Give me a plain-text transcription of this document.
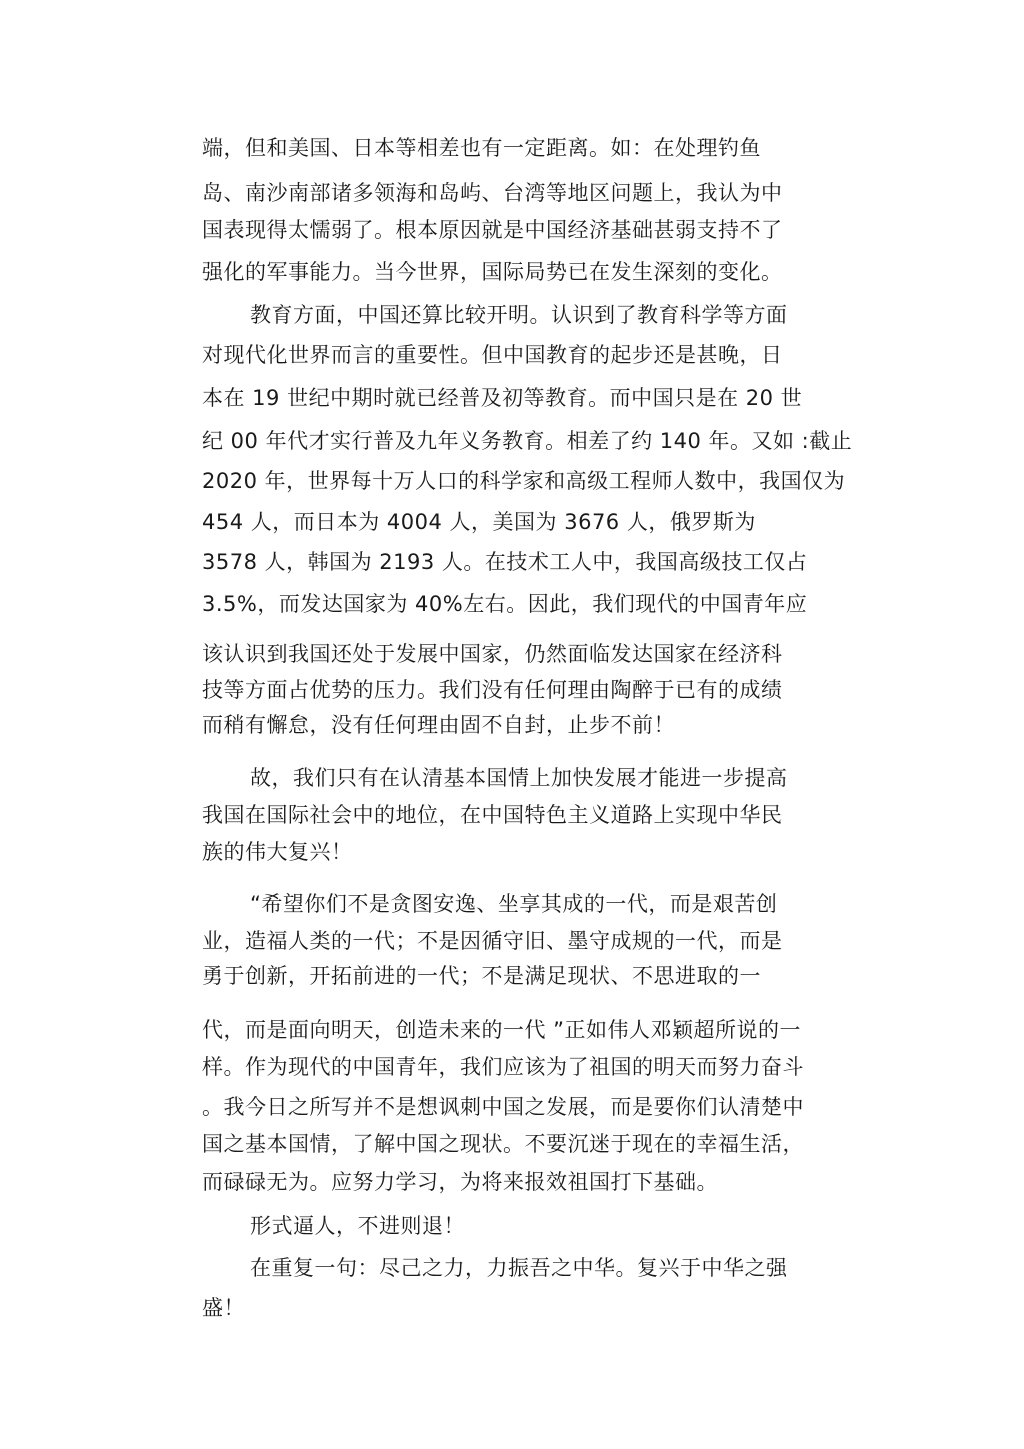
端，但和美国、日本等相差也有一定距离。如：在处理钓鱼

岛、南沙南部诸多领海和岛屿、台湾等地区问题上，我认为中

国表现得太懦弱了。根本原因就是中国经济基础甚弱支持不了

强化的军事能力。当今世界，国际局势已在发生深刻的变化。

教育方面，中国还算比较开明。认识到了教育科学等方面

对现代化世界而言的重要性。但中国教育的起步还是甚晚，日

本在 19 世纪中期时就已经普及初等教育。而中国只是在 20 世

纪 00 年代才实行普及九年义务教育。相差了约 140 年。又如 :截止

2020 年，世界每十万人口的科学家和高级工程师人数中，我国仅为

454 人，而日本为 4004 人，美国为 3676 人，俄罗斯为

3578 人，韩国为 2193 人。在技术工人中，我国高级技工仅占

3.5%，而发达国家为 40%左右。因此，我们现代的中国青年应

该认识到我国还处于发展中国家，仍然面临发达国家在经济科

技等方面占优势的压力。我们没有任何理由陶醉于已有的成绩

而稍有懈怠，没有任何理由固不自封，止步不前！

故，我们只有在认清基本国情上加快发展才能进一步提高

我国在国际社会中的地位，在中国特色主义道路上实现中华民

族的伟大复兴！

“希望你们不是贪图安逸、坐享其成的一代，而是艰苦创

业，造福人类的一代；不是因循守旧、墨守成规的一代，而是

勇于创新，开拓前进的一代；不是满足现状、不思进取的一

代，而是面向明天，创造未来的一代 ”正如伟人邓颖超所说的一

样。作为现代的中国青年，我们应该为了祖国的明天而努力奋斗

。我今日之所写并不是想讽刺中国之发展，而是要你们认清楚中

国之基本国情，了解中国之现状。不要沉迷于现在的幸福生活，

而碌碌无为。应努力学习，为将来报效祖国打下基础。

形式逼人，不进则退！

在重复一句：尽己之力，力振吾之中华。复兴于中华之强

盛！
